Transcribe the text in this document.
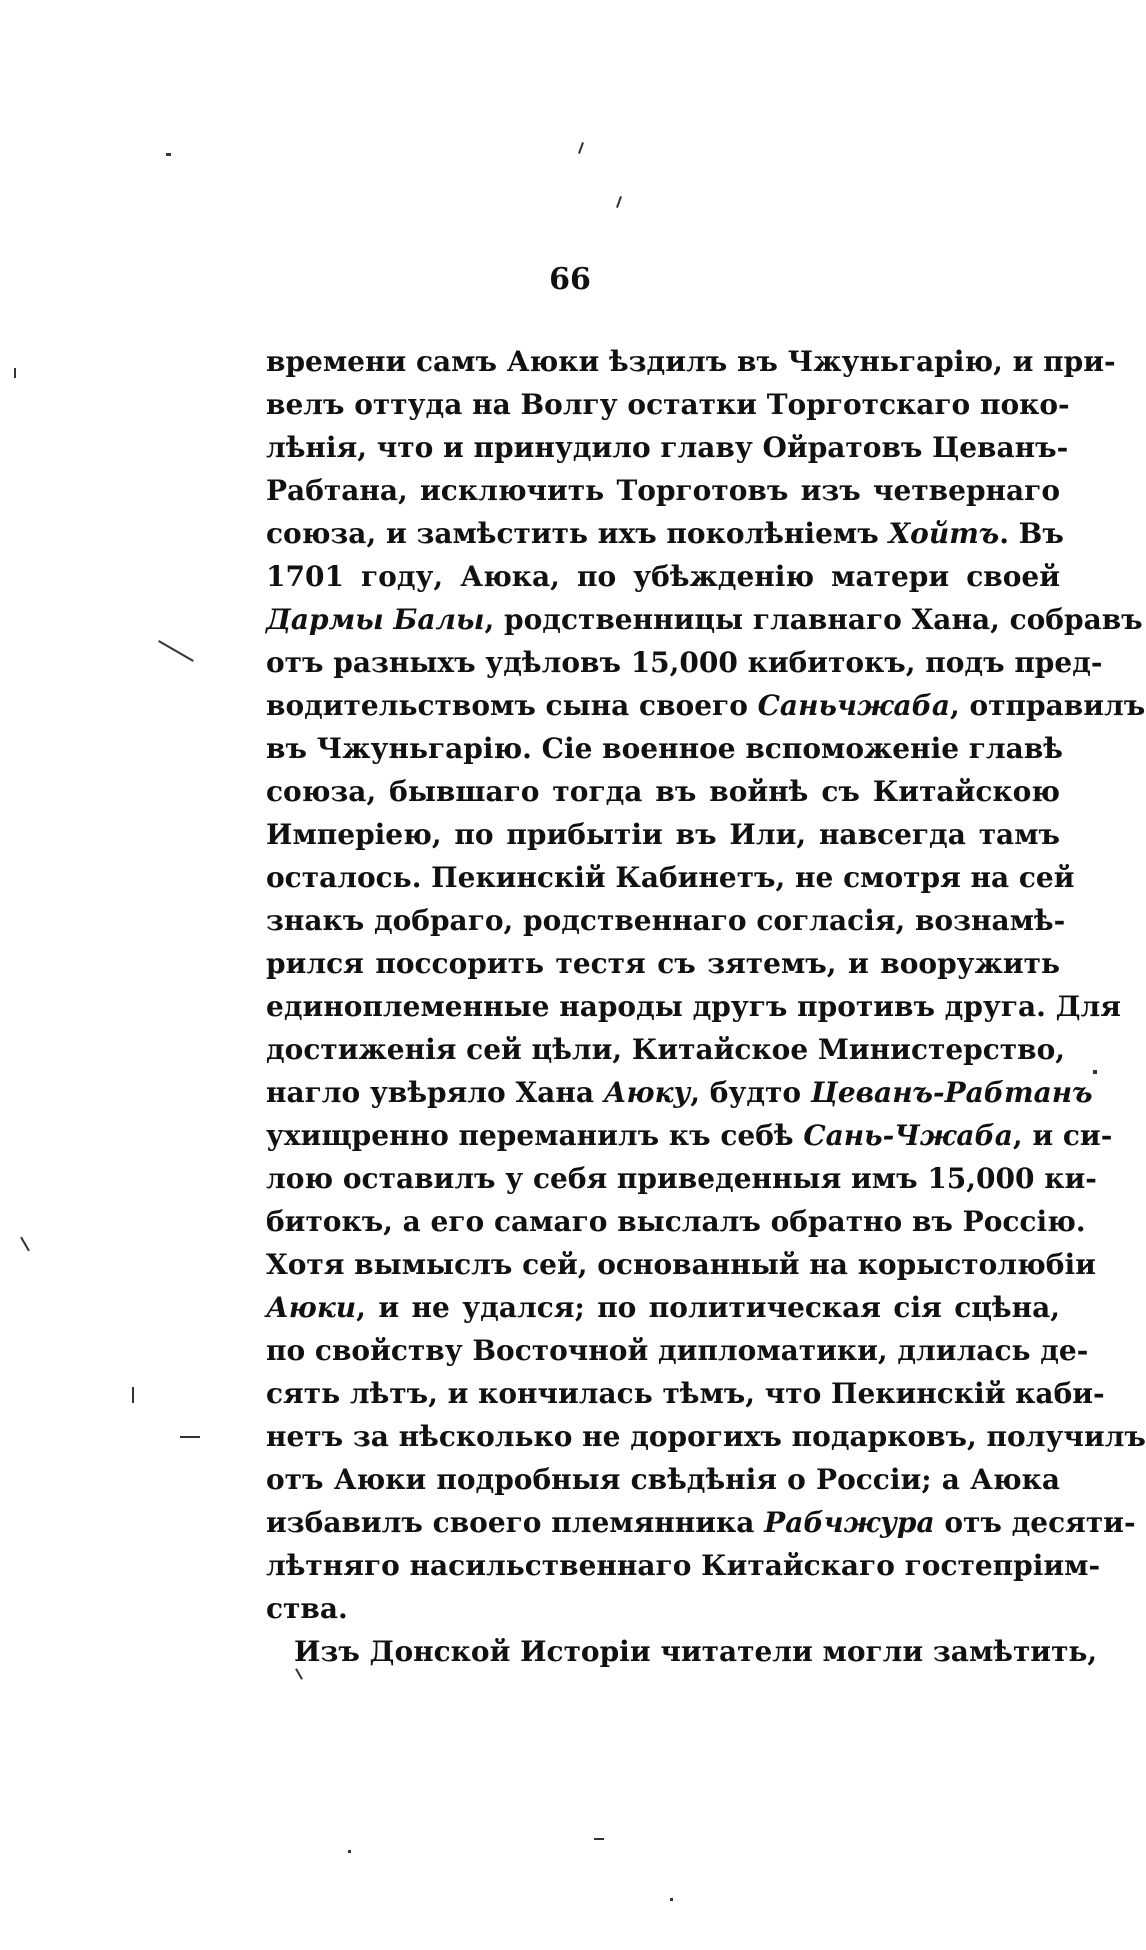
66
времени самъ Аюки ѣздилъ въ Чжуньгарію, и при-
велъ оттуда на Волгу остатки Торготскаго поко-
лѣнія, что и принудило главу Ойратовъ Цеванъ-
Рабтана, исключить Торготовъ изъ четвернаго
союза, и замѣстить ихъ поколѣніемъ Хойтъ. Въ
1701 году, Аюка, по убѣжденію матери своей
Дармы Балы, родственницы главнаго Хана, собравъ
отъ разныхъ удѣловъ 15,000 кибитокъ, подъ пред-
водительствомъ сына своего Саньчжаба, отправилъ
въ Чжуньгарію. Сіе военное вспоможеніе главѣ
союза, бывшаго тогда въ войнѣ съ Китайскою
Имперіею, по прибытіи въ Или, навсегда тамъ
осталось. Пекинскій Кабинетъ, не смотря на сей
знакъ добраго, родственнаго согласія, вознамѣ-
рился поссорить тестя съ зятемъ, и вооружить
единоплеменные народы другъ противъ друга. Для
достиженія сей цѣли, Китайское Министерство,
нагло увѣряло Хана Аюку, будто Цеванъ-Рабтанъ
ухищренно переманилъ къ себѣ Сань-Чжаба, и си-
лою оставилъ у себя приведенныя имъ 15,000 ки-
битокъ, а его самаго выслалъ обратно въ Россію.
Хотя вымыслъ сей, основанный на корыстолюбіи
Аюки, и не удался; по политическая сія сцѣна,
по свойству Восточной дипломатики, длилась де-
сять лѣтъ, и кончилась тѣмъ, что Пекинскій каби-
нетъ за нѣсколько не дорогихъ подарковъ, получилъ
отъ Аюки подробныя свѣдѣнія о Россіи; а Аюка
избавилъ своего племянника Рабчжура отъ десяти-
лѣтняго насильственнаго Китайскаго гостепріим-
ства.
Изъ Донской Исторіи читатели могли замѣтить,
